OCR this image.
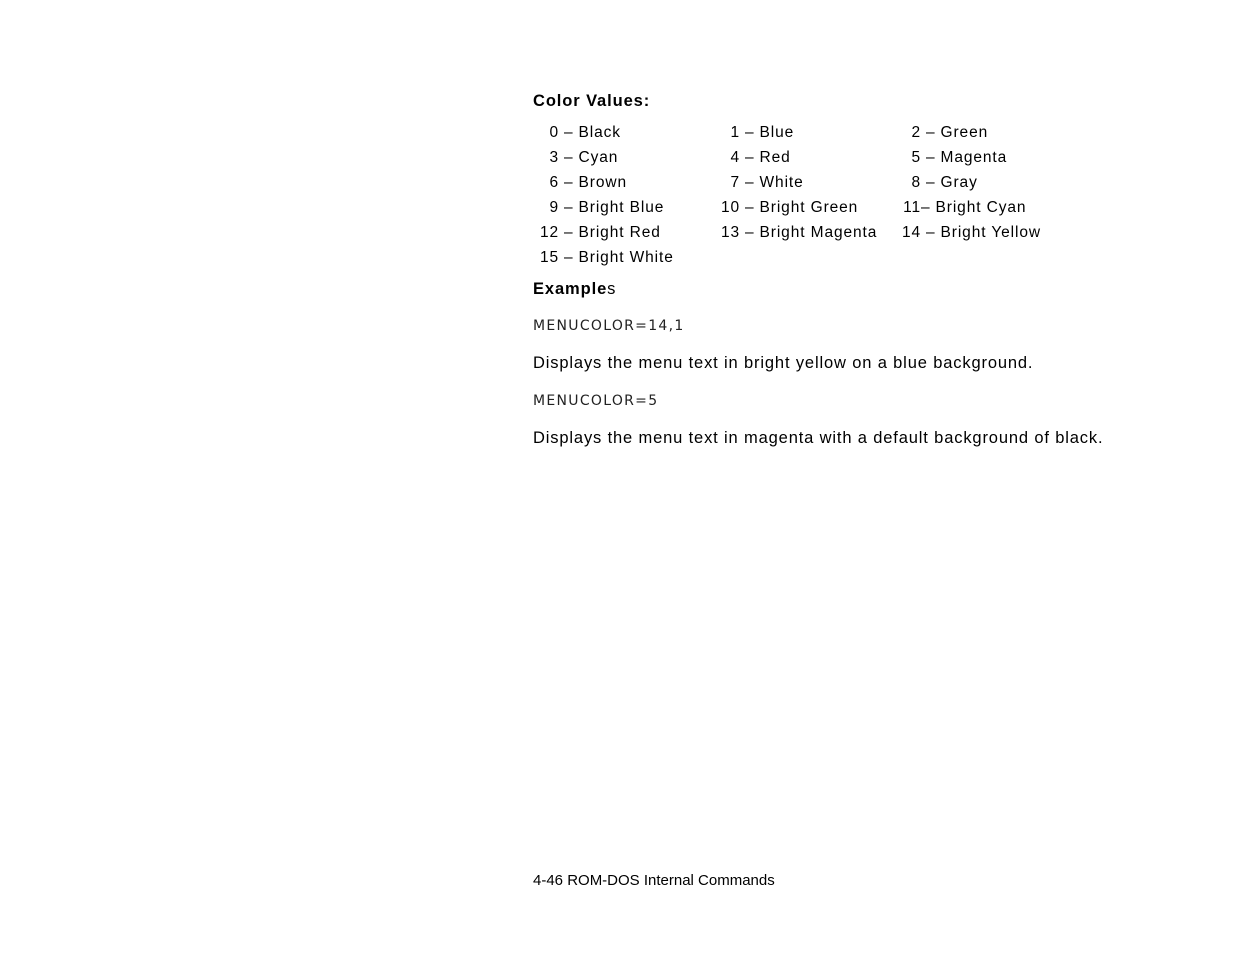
Color Values:
0 – Black	1 – Blue	2 – Green
3 – Cyan	4 – Red	5 – Magenta
6 – Brown	7 – White	8 – Gray
9 – Bright Blue	10 – Bright Green	11– Bright Cyan
12 – Bright Red	13 – Bright Magenta	14 – Bright Yellow
15 – Bright White
Examples
MENUCOLOR=14,1
Displays the menu text in bright yellow on a blue background.
MENUCOLOR=5
Displays the menu text in magenta with a default background of black.
4-46 ROM-DOS Internal Commands
